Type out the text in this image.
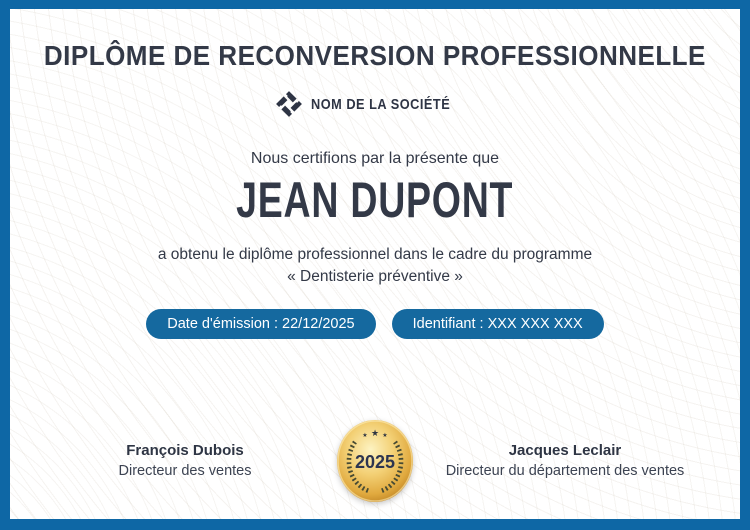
DIPLÔME DE RECONVERSION PROFESSIONNELLE
NOM DE LA SOCIÉTÉ
Nous certifions par la présente que
JEAN DUPONT
a obtenu le diplôme professionnel dans le cadre du programme
« Dentisterie préventive »
Date d'émission : 22/12/2025	Identifiant : XXX XXX XXX
François Dubois
Directeur des ventes
★ ★ ★
2025
Jacques Leclair
Directeur du département des ventes
